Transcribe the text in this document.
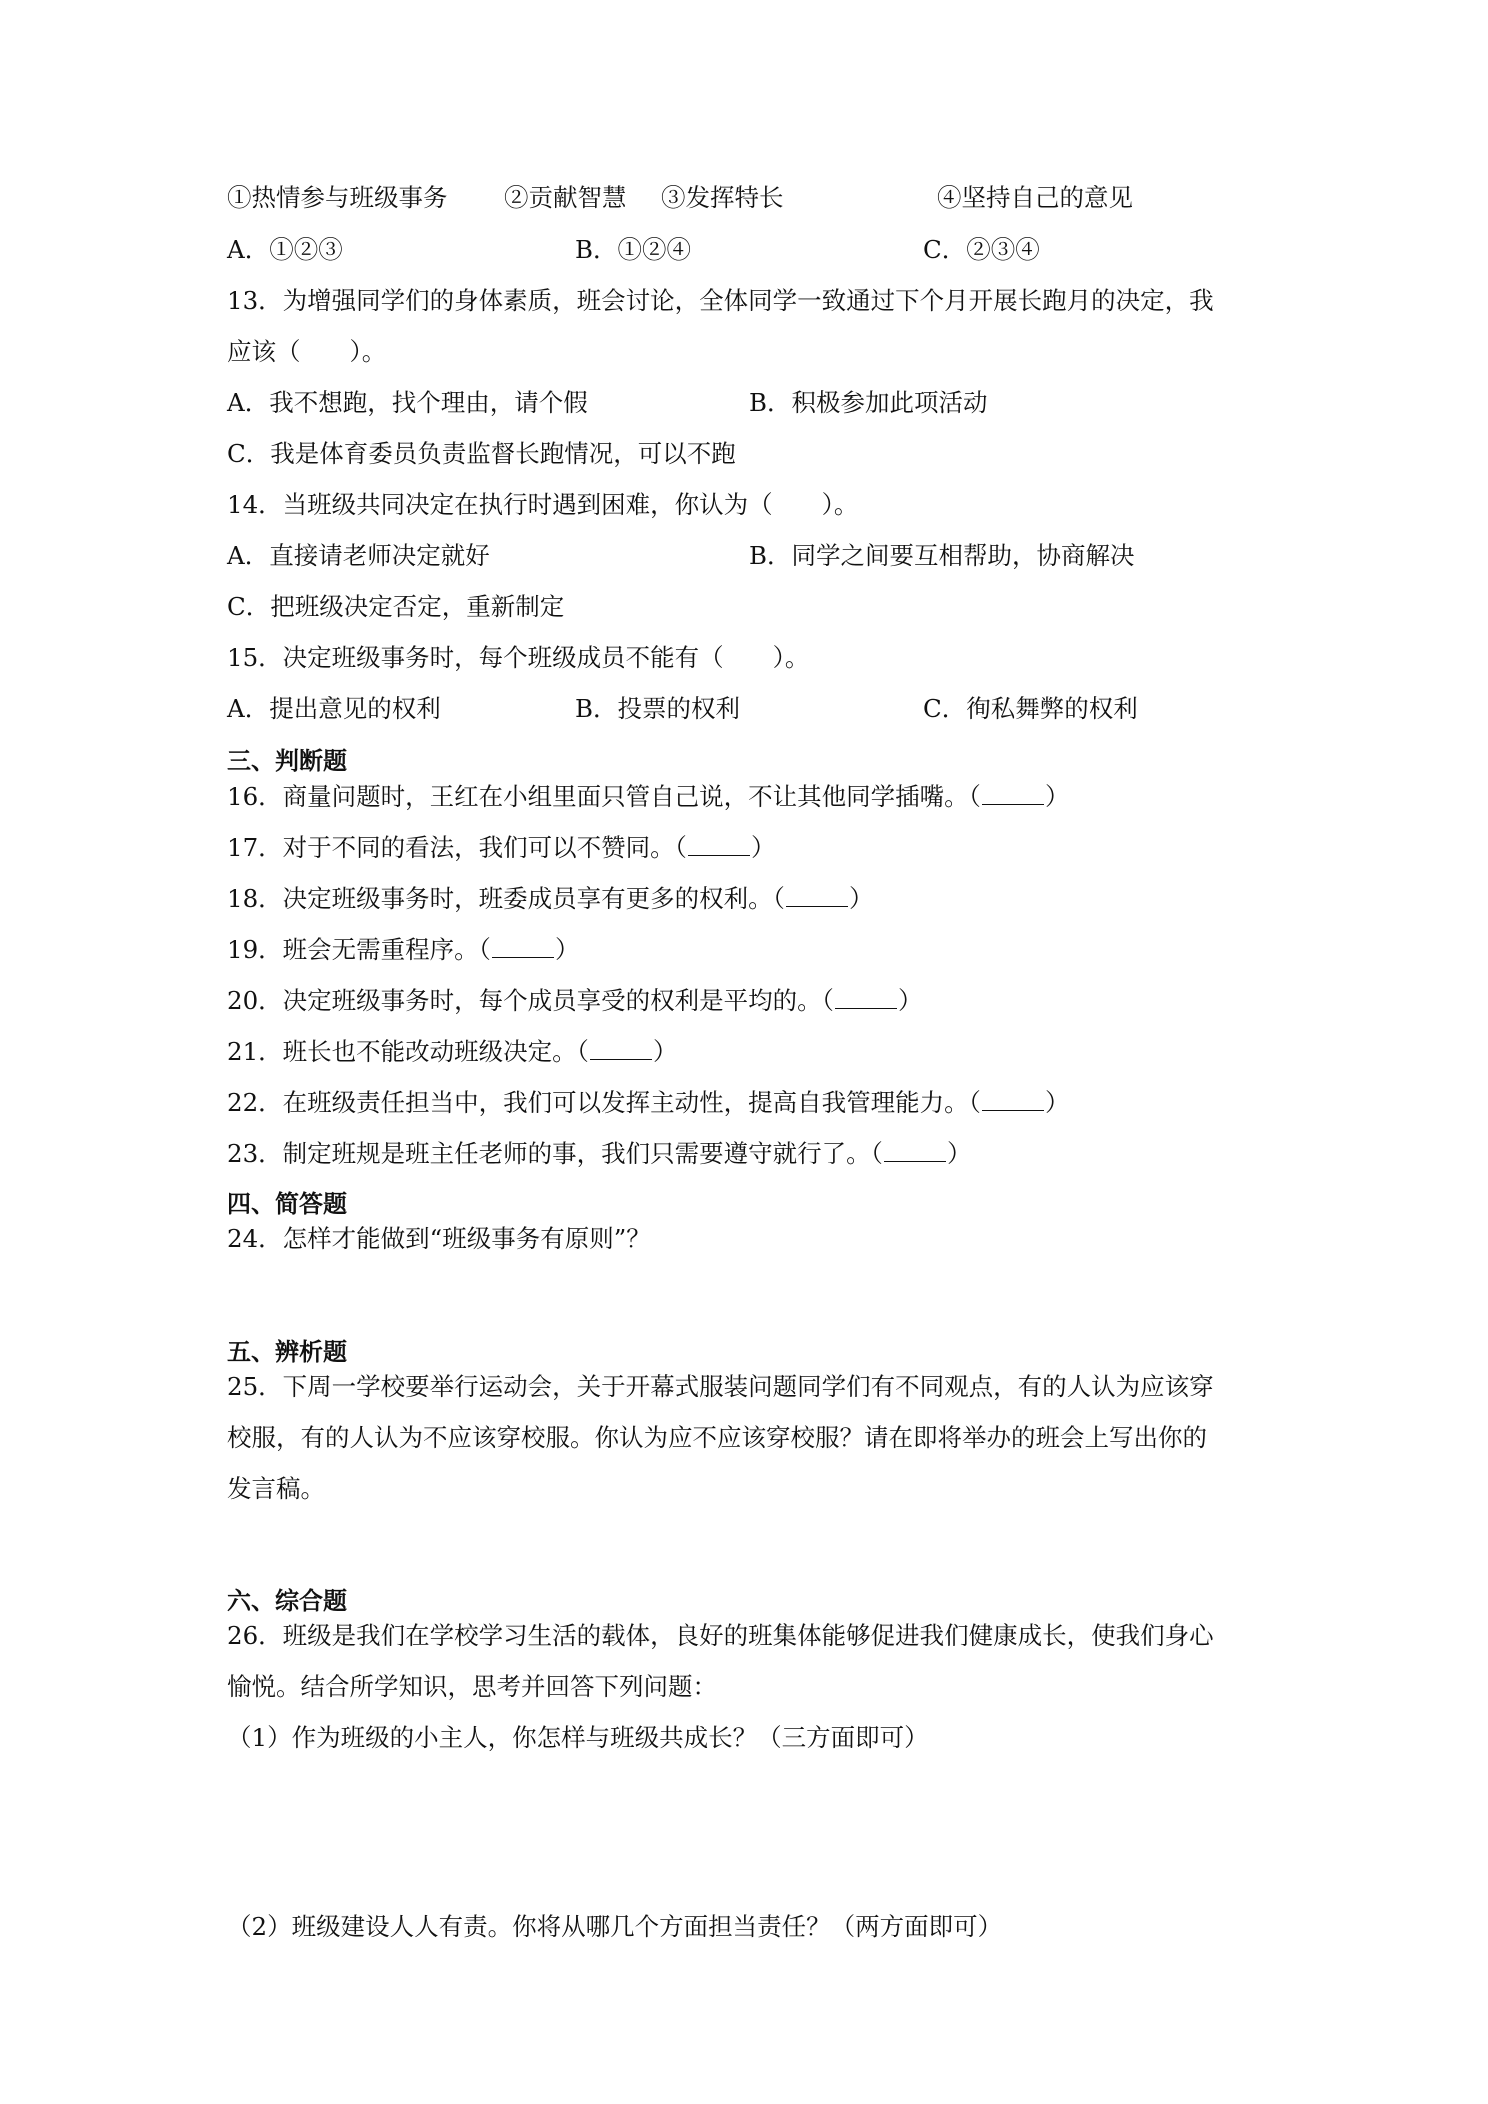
①热情参与班级事务 ②贡献智慧 ③发挥特长	④坚持自己的意见
A．①②③	B．①②④	C．②③④
13．为增强同学们的身体素质，班会讨论，全体同学一致通过下个月开展长跑月的决定，我
应该（　　）。
A．我不想跑，找个理由，请个假	B．积极参加此项活动
C．我是体育委员负责监督长跑情况，可以不跑
14．当班级共同决定在执行时遇到困难，你认为（　　）。
A．直接请老师决定就好	B．同学之间要互相帮助，协商解决
C．把班级决定否定，重新制定
15．决定班级事务时，每个班级成员不能有（　　）。
A．提出意见的权利	B．投票的权利	C．徇私舞弊的权利
三、判断题
16．商量问题时，王红在小组里面只管自己说，不让其他同学插嘴。（	）
17．对于不同的看法，我们可以不赞同。（	）
18．决定班级事务时，班委成员享有更多的权利。（	）
19．班会无需重程序。（	）
20．决定班级事务时，每个成员享受的权利是平均的。（	）
21．班长也不能改动班级决定。（	）
22．在班级责任担当中，我们可以发挥主动性，提高自我管理能力。（	）
23．制定班规是班主任老师的事，我们只需要遵守就行了。（	）
四、简答题
24．怎样才能做到“班级事务有原则”？
五、辨析题
25．下周一学校要举行运动会，关于开幕式服装问题同学们有不同观点，有的人认为应该穿
校服，有的人认为不应该穿校服。你认为应不应该穿校服？请在即将举办的班会上写出你的
发言稿。
六、综合题
26．班级是我们在学校学习生活的载体，良好的班集体能够促进我们健康成长，使我们身心
愉悦。结合所学知识，思考并回答下列问题：
（1）作为班级的小主人，你怎样与班级共成长？（三方面即可）
（2）班级建设人人有责。你将从哪几个方面担当责任？（两方面即可）
